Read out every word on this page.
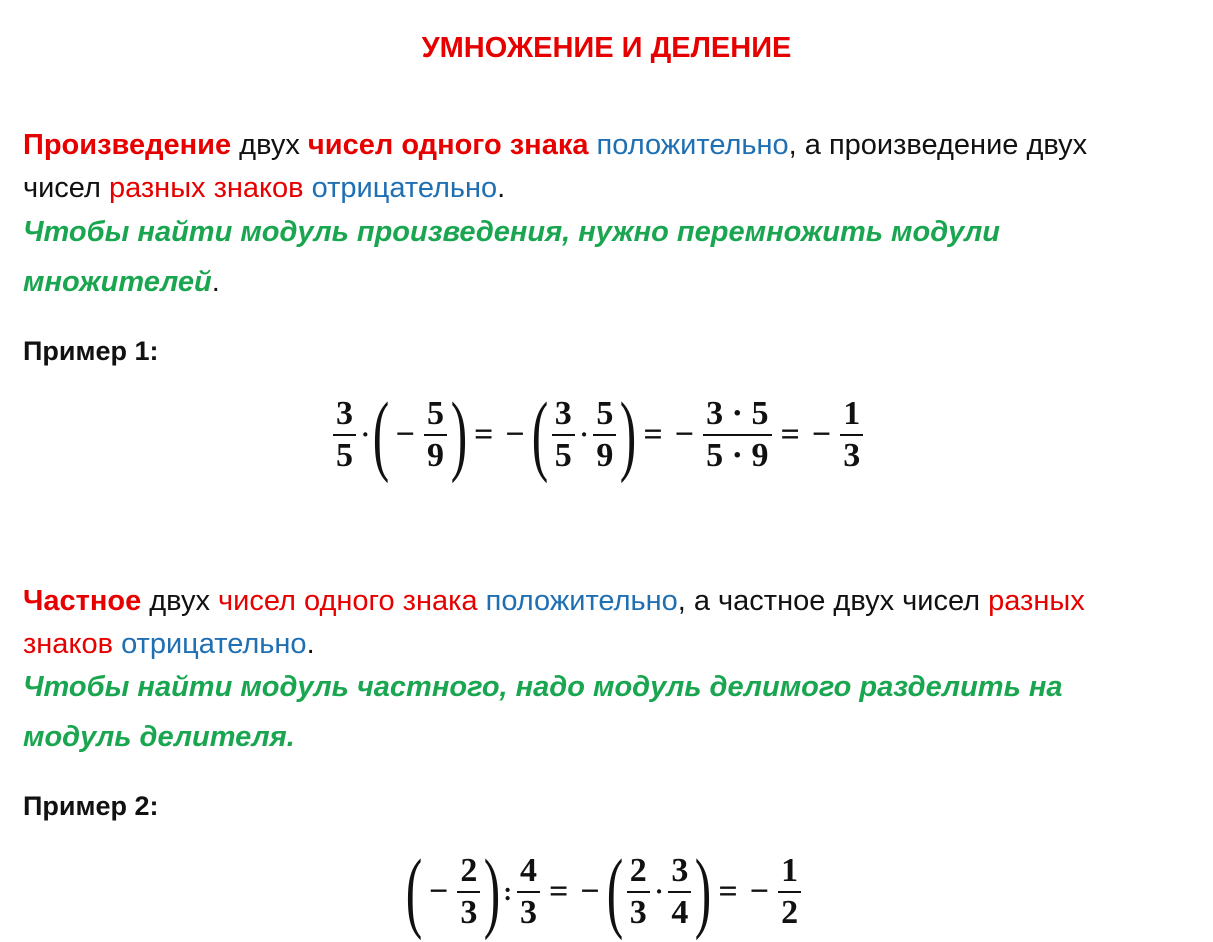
УМНОЖЕНИЕ И ДЕЛЕНИЕ
Произведение двух чисел одного знака положительно, а произведение двух
чисел разных знаков отрицательно.
Чтобы найти модуль произведения, нужно перемножить модули
множителей.
Пример 1:
$\frac{3}{5}$ · ( − $\frac{5}{9}$ ) = − ( $\frac{3}{5} \cdot \frac{5}{9}$ ) = − $\frac{3 \cdot 5}{5 \cdot 9}$ = − $\frac{1}{3}$
Частное двух чисел одного знака положительно, а частное двух чисел разных
знаков отрицательно.
Чтобы найти модуль частного, надо модуль делимого разделить на
модуль делителя.
Пример 2:
( − $\frac{2}{3}$ ) : $\frac{4}{3}$ = − ( $\frac{2}{3} \cdot \frac{3}{4}$ ) = − $\frac{1}{2}$
